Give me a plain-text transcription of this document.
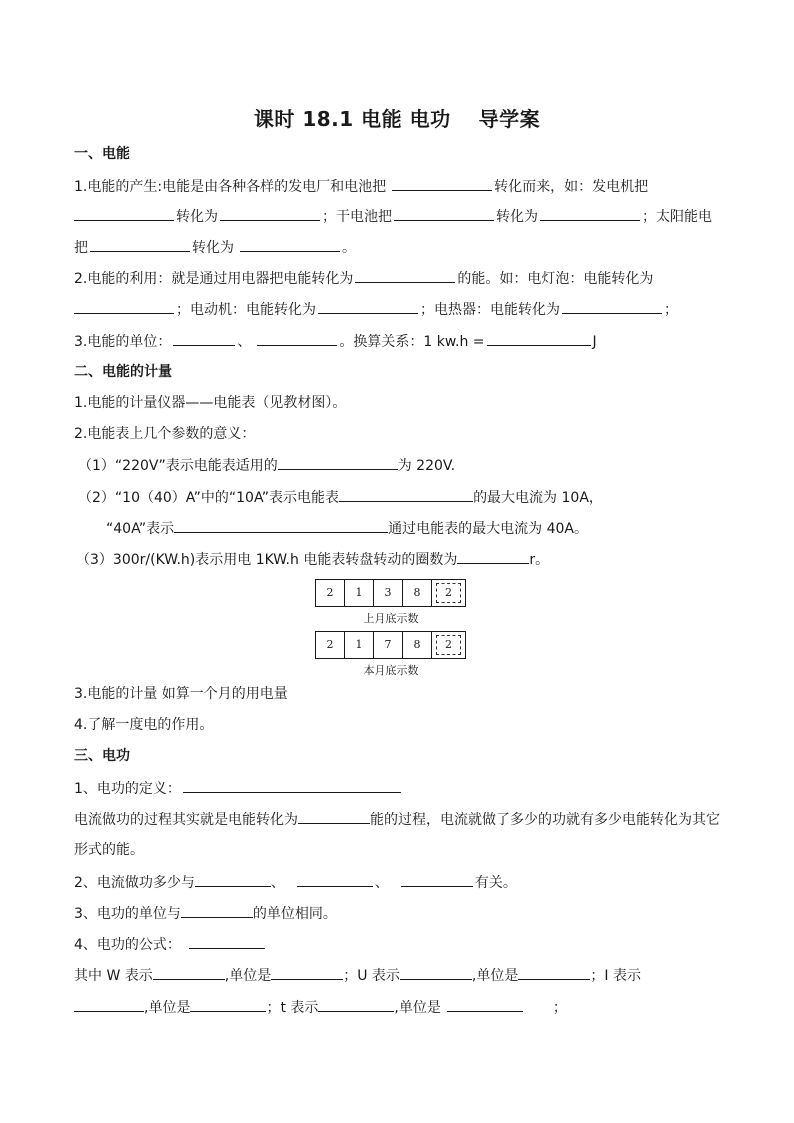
课时 18.1 电能 电功 导学案
一、电能
1.电能的产生:电能是由各种各样的发电厂和电池把	转化而来，如：发电机把
转化为	；干电池把	转化为	；太阳能电
把	转化为	。
2.电能的利用：就是通过用电器把电能转化为	的能。如：电灯泡：电能转化为
；电动机：电能转化为	；电热器：电能转化为	；
3.电能的单位：	、	。换算关系：1 kw.h =	J
二、电能的计量
1.电能的计量仪器——电能表（见教材图）。
2.电能表上几个参数的意义：
（1）“220V”表示电能表适用的	为 220V.
（2）“10（40）A”中的“10A”表示电能表	的最大电流为 10A，
“40A”表示	通过电能表的最大电流为 40A。
（3）300r/(KW.h)表示用电 1KW.h 电能表转盘转动的圈数为	r。
2	1	3	8	2
上月底示数
2	1	7	8	2
本月底示数
3.电能的计量 如算一个月的用电量
4.了解一度电的作用。
三、电功
1、电功的定义：
电流做功的过程其实就是电能转化为	能的过程，电流就做了多少的功就有多少电能转化为其它
形式的能。
2、电流做功多少与	、	、	有关。
3、电功的单位与	的单位相同。
4、电功的公式：
其中 W 表示	,单位是	；U 表示	,单位是	；I 表示
,单位是	；t 表示	,单位是	；
